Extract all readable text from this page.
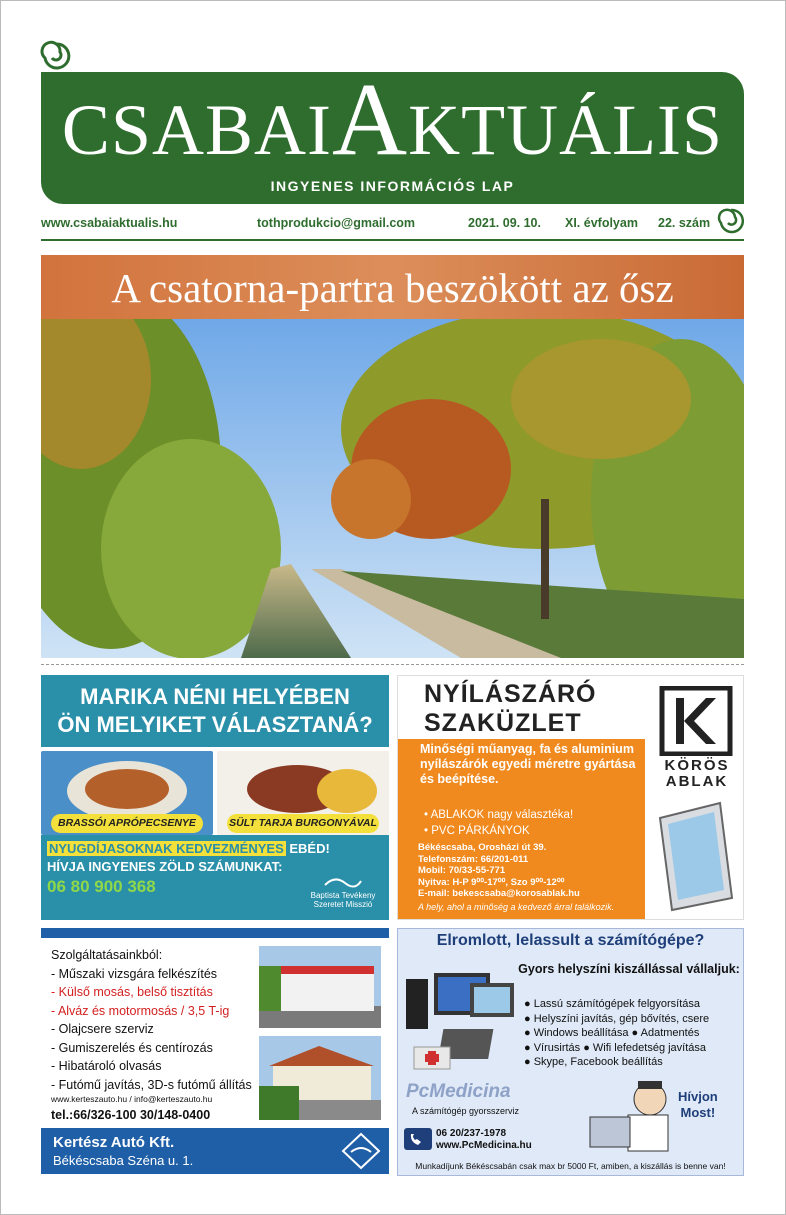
CSABAIAKTUÁLIS
INGYENES INFORMÁCIÓS LAP
www.csabaiaktualis.hu	tothprodukcio@gmail.com	2021. 09. 10. XI. évfolyam 22. szám
A csatorna-partra beszökött az ősz
MARIKA NÉNI HELYÉBEN
ÖN MELYIKET VÁLASZTANÁ?
BRASSÓI APRÓPECSENYE	SÜLT TARJA BURGONYÁVAL
NYUGDÍJASOKNAK KEDVEZMÉNYES EBÉD!
HÍVJA INGYENES ZÖLD SZÁMUNKAT:
06 80 900 368	Baptista Tevékeny
Szeretet Misszió
NYÍLÁSZÁRÓ
SZAKÜZLET
Minőségi műanyag, fa és aluminium nyílászárók egyedi méretre gyártása és beépítése.
• ABLAKOK nagy választéka!
• PVC PÁRKÁNYOK
Békéscsaba, Orosházi út 39.
Telefonszám: 66/201-011
Mobil: 70/33-55-771
Nyitva: H-P 9⁰⁰-17⁰⁰, Szo 9⁰⁰-12⁰⁰
E-mail: bekescsaba@korosablak.hu
A hely, ahol a minőség a kedvező árral találkozik.
KÖRÖS
ABLAK
Szolgáltatásainkból:
- Műszaki vizsgára felkészítés
- Külső mosás, belső tisztítás
- Alváz és motormosás / 3,5 T-ig
- Olajcsere szerviz
- Gumiszerelés és centírozás
- Hibatároló olvasás
- Futómű javítás, 3D-s futómű állítás
www.kerteszauto.hu / info@kerteszauto.hu
tel.:66/326-100 30/148-0400
Kertész Autó Kft.
Békéscsaba Széna u. 1.
Elromlott, lelassult a számítógépe?
Gyors helyszíni kiszállással vállaljuk:
● Lassú számítógépek felgyorsítása
● Helyszíni javítás, gép bővítés, csere
● Windows beállítása ● Adatmentés
● Vírusirtás ● Wifi lefedetség javítása
● Skype, Facebook beállítás
PcMedicina
A számítógép gyorsszerviz
06 20/237-1978
www.PcMedicina.hu
Hívjon
Most!
Munkadíjunk Békéscsabán csak max br 5000 Ft, amiben, a kiszállás is benne van!
